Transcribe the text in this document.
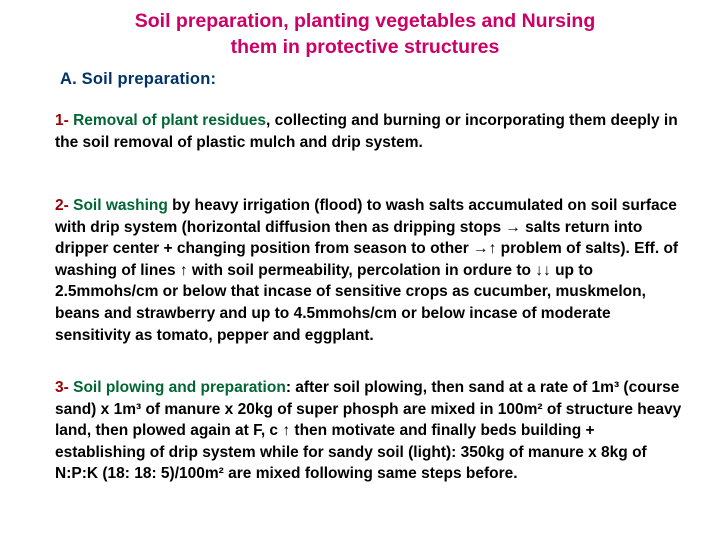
Soil preparation, planting vegetables and Nursing
them in protective structures
A. Soil preparation:

1- Removal of plant residues, collecting and burning or incorporating them deeply in the soil removal of plastic mulch and drip system.

2- Soil washing by heavy irrigation (flood) to wash salts accumulated on soil surface with drip system (horizontal diffusion then as dripping stops → salts return into dripper center + changing position from season to other →↑ problem of salts). Eff. of washing of lines ↑ with soil permeability, percolation in ordure to ↓↓ up to 2.5mmohs/cm or below that incase of sensitive crops as cucumber, muskmelon, beans and strawberry and up to 4.5mmohs/cm or below incase of moderate sensitivity as tomato, pepper and eggplant.

3- Soil plowing and preparation: after soil plowing, then sand at a rate of 1m³ (course sand) x 1m³ of manure x 20kg of super phosph are mixed in 100m² of structure heavy land, then plowed again at F, c ↑ then motivate and finally beds building + establishing of drip system while for sandy soil (light): 350kg of manure x 8kg of N:P:K (18: 18: 5)/100m² are mixed following same steps before.
